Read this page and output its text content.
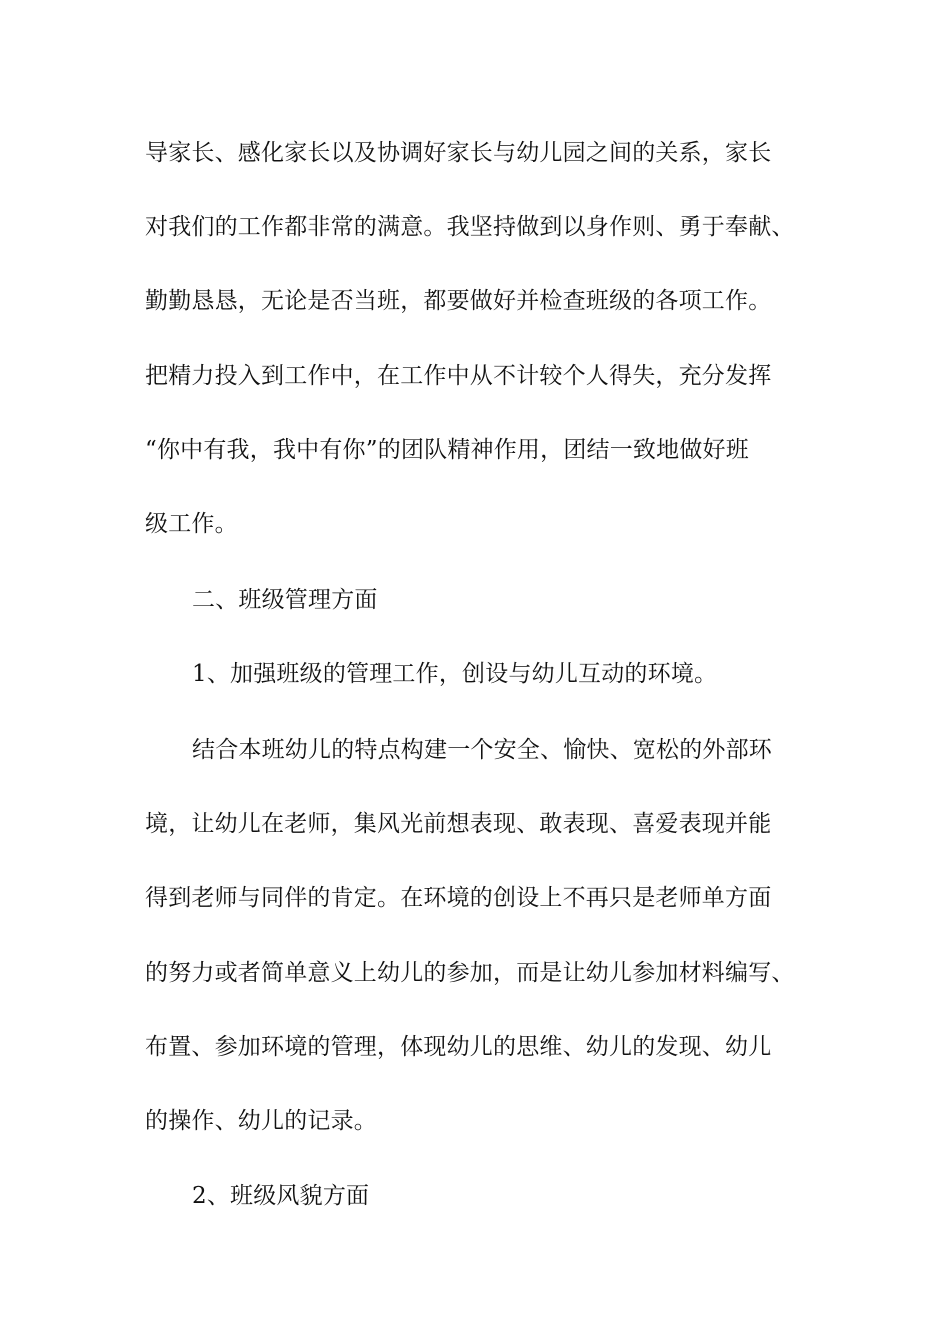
导家长、感化家长以及协调好家长与幼儿园之间的关系，家长
对我们的工作都非常的满意。我坚持做到以身作则、勇于奉献、
勤勤恳恳，无论是否当班，都要做好并检查班级的各项工作。
把精力投入到工作中，在工作中从不计较个人得失，充分发挥
“你中有我，我中有你”的团队精神作用，团结一致地做好班
级工作。
二、班级管理方面
1、加强班级的管理工作，创设与幼儿互动的环境。
结合本班幼儿的特点构建一个安全、愉快、宽松的外部环
境，让幼儿在老师，集风光前想表现、敢表现、喜爱表现并能
得到老师与同伴的肯定。在环境的创设上不再只是老师单方面
的努力或者简单意义上幼儿的参加，而是让幼儿参加材料编写、
布置、参加环境的管理，体现幼儿的思维、幼儿的发现、幼儿
的操作、幼儿的记录。
2、班级风貌方面
